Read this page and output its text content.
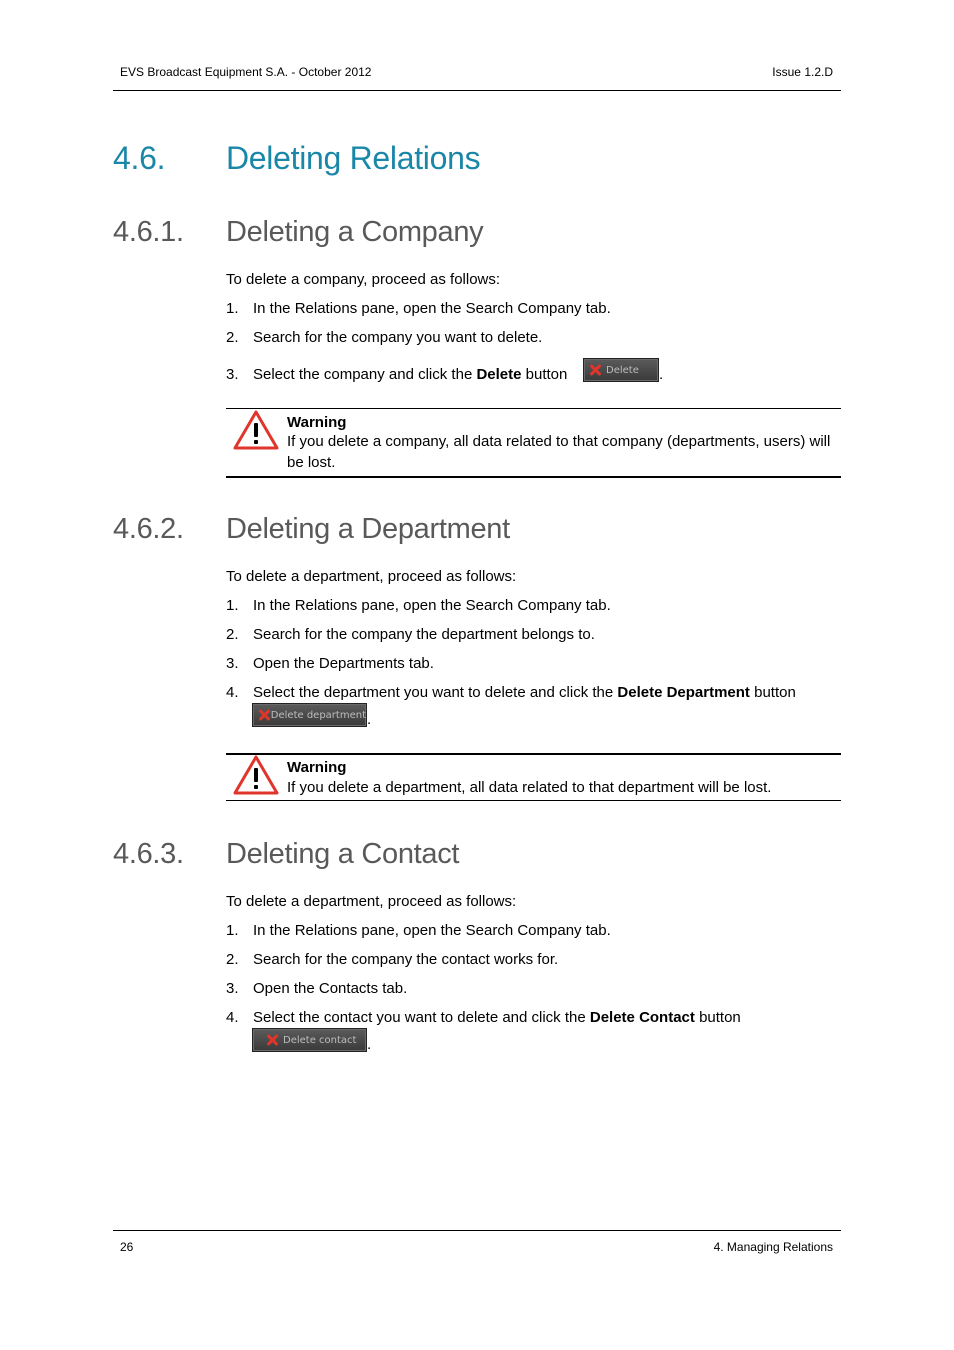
EVS Broadcast Equipment S.A. - October 2012	Issue 1.2.D
4.6. Deleting Relations
4.6.1. Deleting a Company
To delete a company, proceed as follows:
1. In the Relations pane, open the Search Company tab.
2. Search for the company you want to delete.
3. Select the company and click the Delete button	Delete .
Warning
If you delete a company, all data related to that company (departments, users) will be lost.
4.6.2. Deleting a Department
To delete a department, proceed as follows:
1. In the Relations pane, open the Search Company tab.
2. Search for the company the department belongs to.
3. Open the Departments tab.
4. Select the department you want to delete and click the Delete Department button
Delete department .
Warning
If you delete a department, all data related to that department will be lost.
4.6.3. Deleting a Contact
To delete a department, proceed as follows:
1. In the Relations pane, open the Search Company tab.
2. Search for the company the contact works for.
3. Open the Contacts tab.
4. Select the contact you want to delete and click the Delete Contact button
Delete contact .
26	4. Managing Relations
